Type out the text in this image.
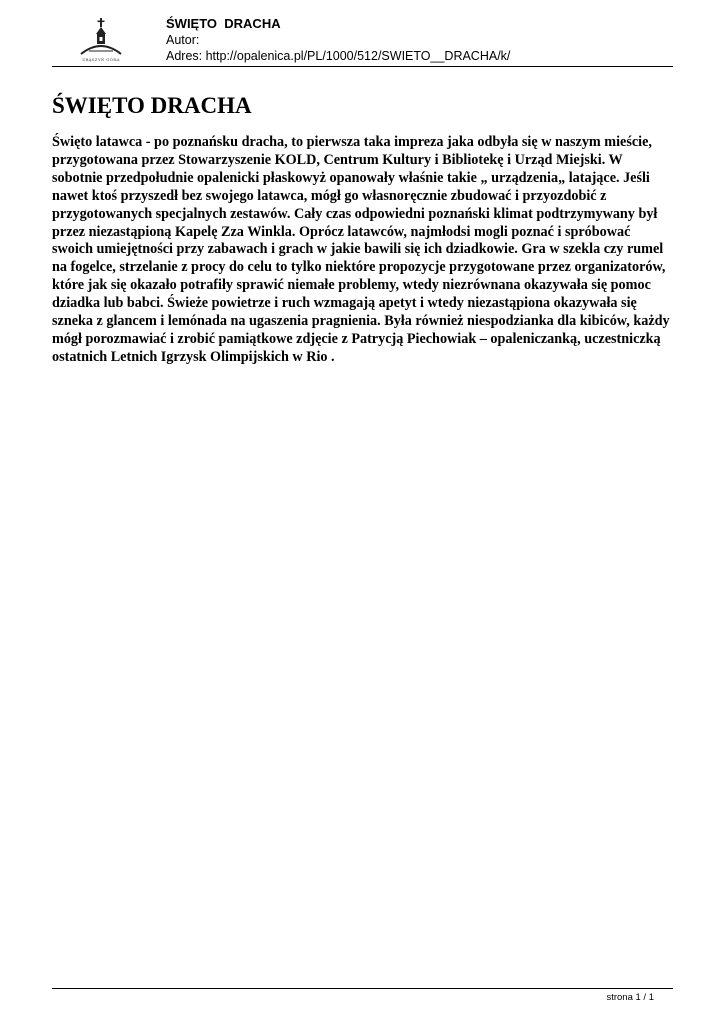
ZBĄSZYŃ GÓRA

ŚWIĘTO  DRACHA

Autor:

Adres: http://opalenica.pl/PL/1000/512/SWIETO__DRACHA/k/

ŚWIĘTO DRACHA

Święto latawca - po poznańsku dracha, to pierwsza taka impreza jaka odbyła się w naszym mieście, przygotowana przez Stowarzyszenie KOLD, Centrum Kultury i Bibliotekę i Urząd Miejski. W sobotnie przedpołudnie opalenicki płaskowyż opanowały właśnie takie „ urządzenia„ latające. Jeśli nawet ktoś przyszedł bez swojego latawca, mógł go własnoręcznie zbudować i przyozdobić z przygotowanych specjalnych zestawów. Cały czas odpowiedni poznański klimat podtrzymywany był przez niezastąpioną Kapelę Zza Winkla. Oprócz latawców, najmłodsi mogli poznać i spróbować swoich umiejętności przy zabawach i grach w jakie bawili się ich dziadkowie. Gra w szekla czy rumel na fogelce, strzelanie z procy do celu to tylko niektóre propozycje przygotowane przez organizatorów, które jak się okazało potrafiły sprawić niemałe problemy, wtedy niezrównana okazywała się pomoc dziadka lub babci. Świeże powietrze i ruch wzmagają apetyt i wtedy niezastąpiona okazywała się szneka z glancem i lemónada na ugaszenia pragnienia. Była również niespodzianka dla kibiców, każdy mógł porozmawiać i zrobić pamiątkowe zdjęcie z Patrycją Piechowiak – opaleniczanką, uczestniczką ostatnich Letnich Igrzysk Olimpijskich w Rio .

strona 1 / 1
